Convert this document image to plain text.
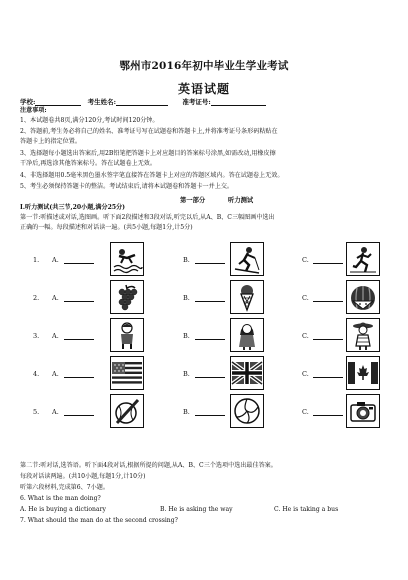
鄂州市2016年初中毕业生学业考试
英语试题
学校:	考生姓名:	准考证号:
注意事项:
1、本试题卷共8页,满分120分,考试时间120分钟。
2、答题前,考生务必将自己的姓名、准考证号写在试题卷和答题卡上,并将准考证号条形码粘贴在
答题卡上的指定位置。
3、选择题每小题选出答案后,用2B铅笔把答题卡上对应题目的答案标号涂黑,如需改动,用橡皮擦
干净后,再选涂其他答案标号。答在试题卷上无效。
4、非选择题用0.5毫米黑色墨水签字笔直接答在答题卡上对应的答题区域内。答在试题卷上无效。
5、考生必须保持答题卡的整洁。考试结束后,请将本试题卷和答题卡一并上交。
第一部分	听力测试
Ⅰ.听力测试(共三节,20小题,满分25分)
第一节:听描述或对话,选图画。听下面2段描述和3段对话,听完以后,从A、B、C三幅图画中选出
正确的一幅。每段描述和对话读一遍。(共5小题,每题1分,计5分)
1. A.	B.	C.
2. A.	B.	C.
3. A.	B.	C.
4. A.	B.	C.
5. A.	B.	C.
第二节:听对话,选答语。听下面4段对话,根据所提的问题,从A、B、C三个选项中选出最佳答案。
每段对话读两遍。(共10小题,每题1分,计10分)
听第六段材料,完成第6、7小题。
6. What is the man doing?
A. He is buying a dictionary	B. He is asking the way	C. He is taking a bus
7. What should the man do at the second crossing?
